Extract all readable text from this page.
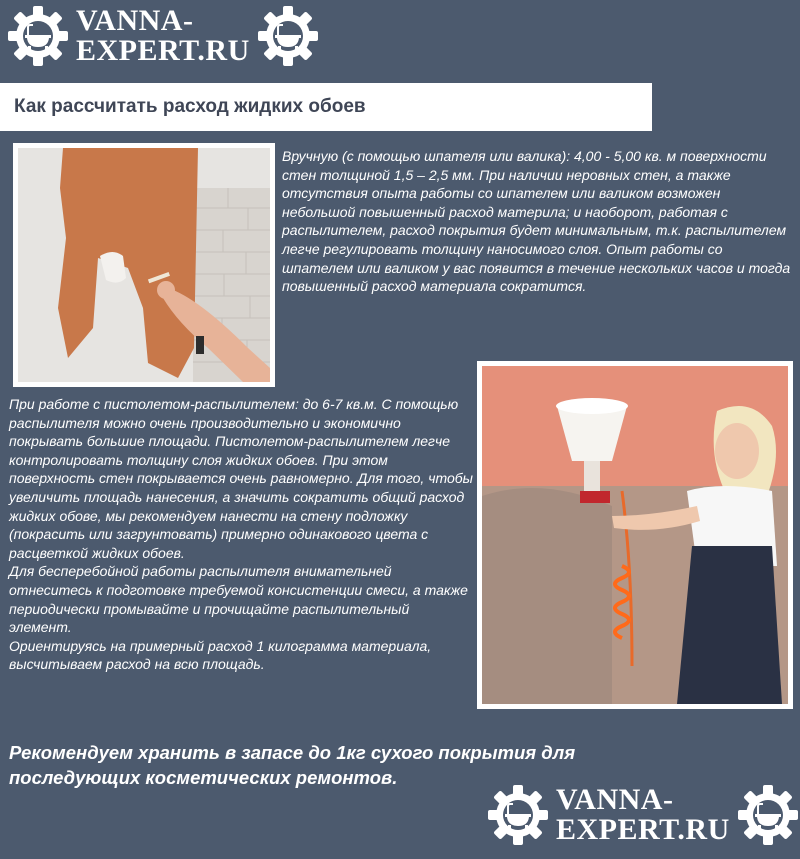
VANNA-
EXPERT.RU
Как рассчитать расход жидких обоев

Вручную (с помощью шпателя или валика): 4,00 - 5,00 кв. м поверхности стен толщиной 1,5 – 2,5 мм. При наличии неровных стен, а также отсутствия опыта работы со шпателем или валиком возможен небольшой повышенный расход материла; и наоборот, работая с распылителем, расход покрытия будет минимальным, т.к. распылителем легче регулировать толщину наносимого слоя. Опыт работы со шпателем или валиком у вас появится в течение нескольких часов и тогда повышенный расход материала сократится.

При работе с пистолетом-распылителем: до 6-7 кв.м. С помощью распылителя можно очень производительно и экономично покрывать большие площади. Пистолетом-распылителем легче контролировать толщину слоя жидких обоев. При этом поверхность стен покрывается очень равномерно. Для того, чтобы увеличить площадь нанесения, а значить сократить общий расход жидких обове, мы рекомендуем нанести на стену подложку (покрасить или загрунтовать) примерно одинакового цвета с расцветкой жидких обоев.
Для бесперебойной работы распылителя внимательней отнеситесь к подготовке требуемой консистенции смеси, а также периодически промывайте и прочищайте распылительный элемент.
Ориентируясь на примерный расход 1 килограмма материала, высчитываем расход на всю площадь.

Рекомендуем хранить в запасе до 1кг сухого покрытия для последующих косметических ремонтов.

VANNA-
EXPERT.RU
